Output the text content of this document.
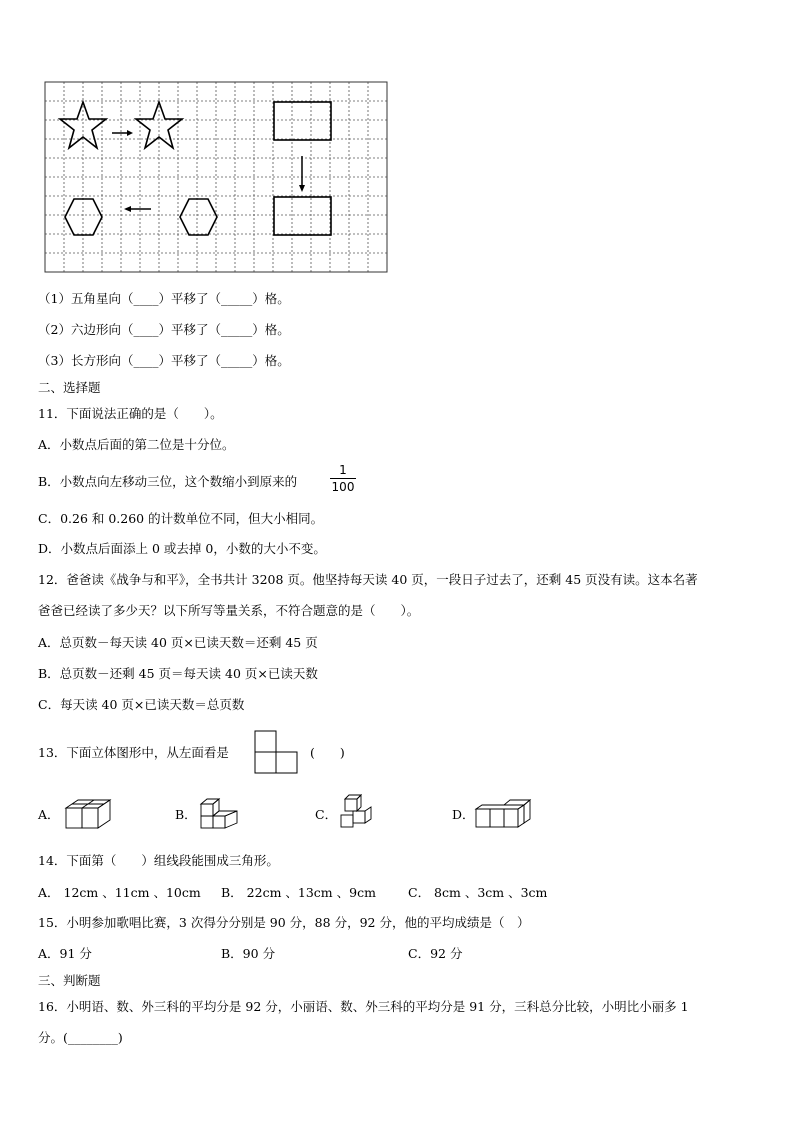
（1）五角星向（____）平移了（_____）格。
（2）六边形向（____）平移了（_____）格。
（3）长方形向（____）平移了（_____）格。
二、选择题
11．下面说法正确的是（　　）。
A．小数点后面的第二位是十分位。
B．小数点向左移动三位，这个数缩小到原来的
1
100
C．0.26 和 0.260 的计数单位不同，但大小相同。
D．小数点后面添上 0 或去掉 0，小数的大小不变。
12．爸爸读《战争与和平》，全书共计 3208 页。他坚持每天读 40 页，一段日子过去了，还剩 45 页没有读。这本名著
爸爸已经读了多少天？以下所写等量关系，不符合题意的是（　　）。
A．总页数－每天读 40 页×已读天数＝还剩 45 页
B．总页数－还剩 45 页＝每天读 40 页×已读天数
C．每天读 40 页×已读天数＝总页数
13．下面立体图形中，从左面看是	(　　)
A．	B．	C．	D．
14．下面第（　　）组线段能围成三角形。
A． 12cm 、11cm 、10cm B． 22cm 、13cm 、9cm	C． 8cm 、3cm 、3cm
15．小明参加歌唱比赛，3 次得分分别是 90 分，88 分，92 分，他的平均成绩是（　）
A．91 分	B．90 分	C．92 分
三、判断题
16．小明语、数、外三科的平均分是 92 分，小丽语、数、外三科的平均分是 91 分，三科总分比较，小明比小丽多 1
分。(________)
